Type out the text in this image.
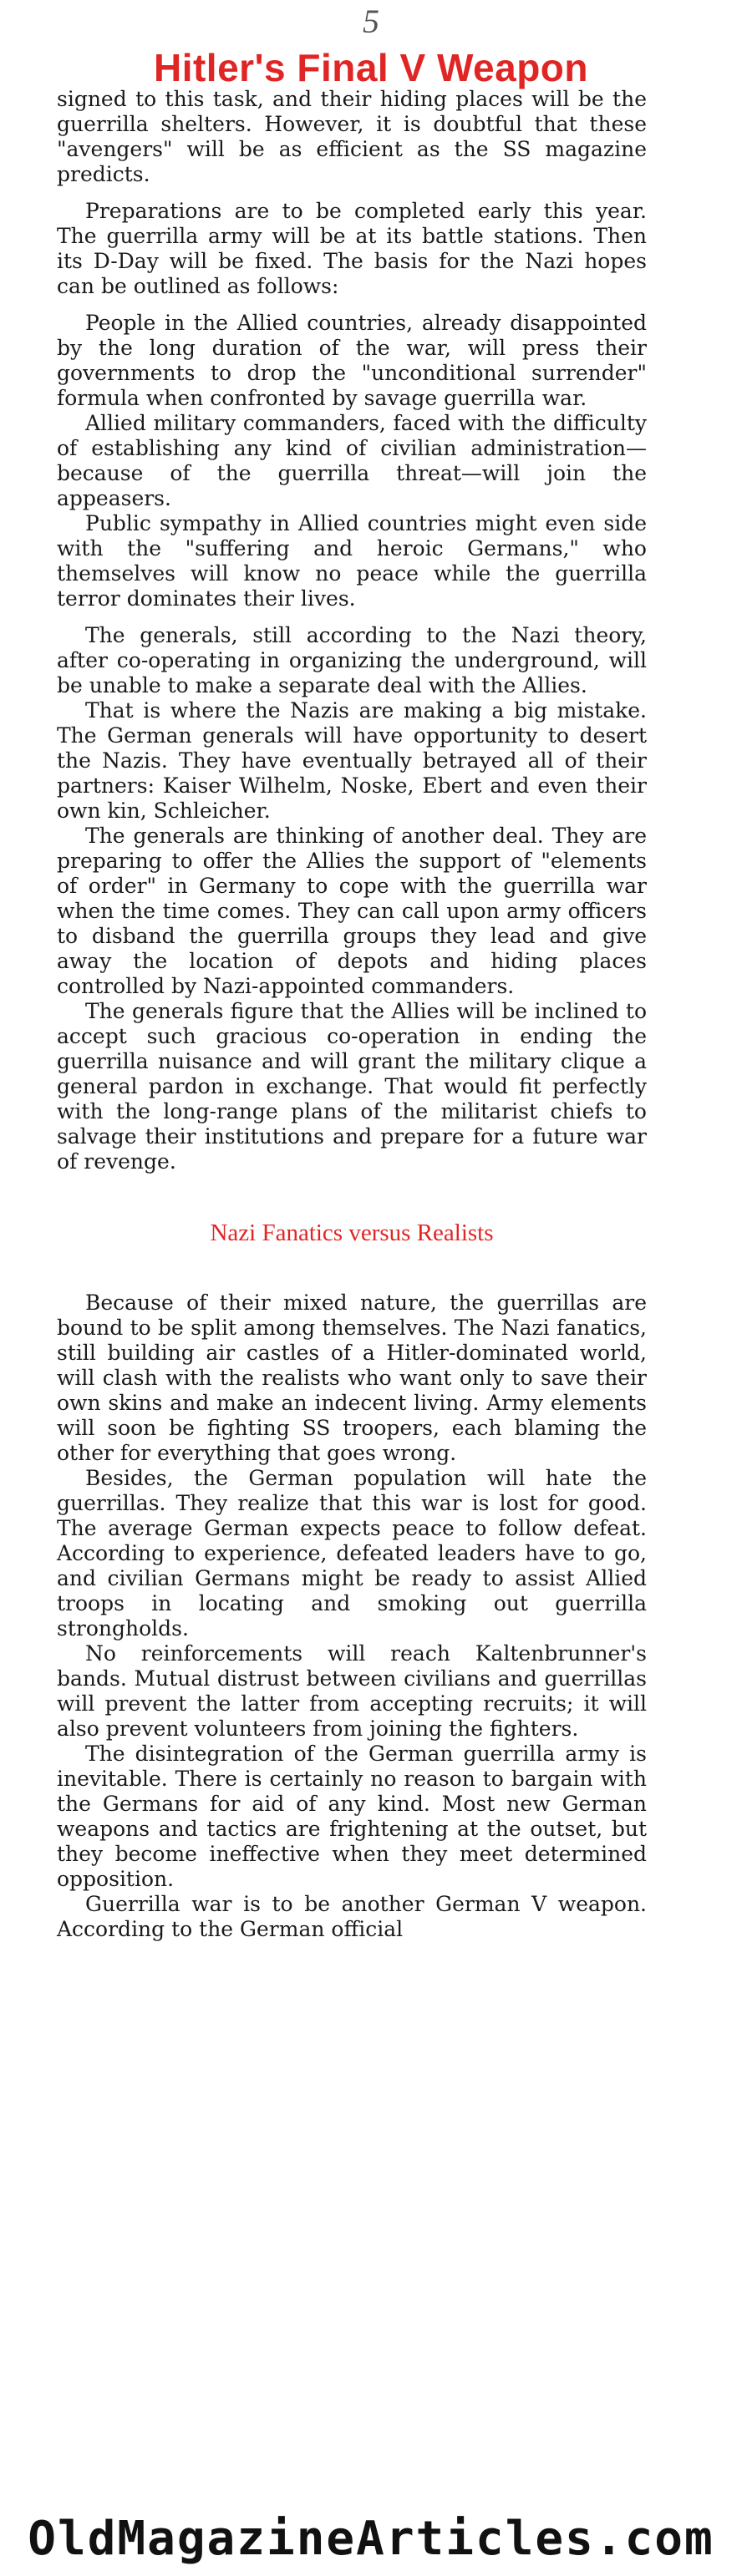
5
Hitler's Final V Weapon

signed to this task, and their hiding places will be the guerrilla shelters. However, it is doubtful that these "avengers" will be as efficient as the SS magazine predicts.

Preparations are to be completed early this year. The guerrilla army will be at its battle stations. Then its D-Day will be fixed. The basis for the Nazi hopes can be outlined as follows:

People in the Allied countries, already disappointed by the long duration of the war, will press their governments to drop the "unconditional surrender" formula when confronted by savage guerrilla war.

Allied military commanders, faced with the difficulty of establishing any kind of civilian administration—because of the guerrilla threat—will join the appeasers.

Public sympathy in Allied countries might even side with the "suffering and heroic Germans," who themselves will know no peace while the guerrilla terror dominates their lives.

The generals, still according to the Nazi theory, after co-operating in organizing the underground, will be unable to make a separate deal with the Allies.

That is where the Nazis are making a big mistake. The German generals will have opportunity to desert the Nazis. They have eventually betrayed all of their partners: Kaiser Wilhelm, Noske, Ebert and even their own kin, Schleicher.

The generals are thinking of another deal. They are preparing to offer the Allies the support of "elements of order" in Germany to cope with the guerrilla war when the time comes. They can call upon army officers to disband the guerrilla groups they lead and give away the location of depots and hiding places controlled by Nazi-appointed commanders.

The generals figure that the Allies will be inclined to accept such gracious co-operation in ending the guerrilla nuisance and will grant the military clique a general pardon in exchange. That would fit perfectly with the long-range plans of the militarist chiefs to salvage their institutions and prepare for a future war of revenge.

Nazi Fanatics versus Realists

Because of their mixed nature, the guerrillas are bound to be split among themselves. The Nazi fanatics, still building air castles of a Hitler-dominated world, will clash with the realists who want only to save their own skins and make an indecent living. Army elements will soon be fighting SS troopers, each blaming the other for everything that goes wrong.

Besides, the German population will hate the guerrillas. They realize that this war is lost for good. The average German expects peace to follow defeat. According to experience, defeated leaders have to go, and civilian Germans might be ready to assist Allied troops in locating and smoking out guerrilla strongholds.

No reinforcements will reach Kaltenbrunner's bands. Mutual distrust between civilians and guerrillas will prevent the latter from accepting recruits; it will also prevent volunteers from joining the fighters.

The disintegration of the German guerrilla army is inevitable. There is certainly no reason to bargain with the Germans for aid of any kind. Most new German weapons and tactics are frightening at the outset, but they become ineffective when they meet determined opposition.

Guerrilla war is to be another German V weapon. According to the German official

OldMagazineArticles.com
